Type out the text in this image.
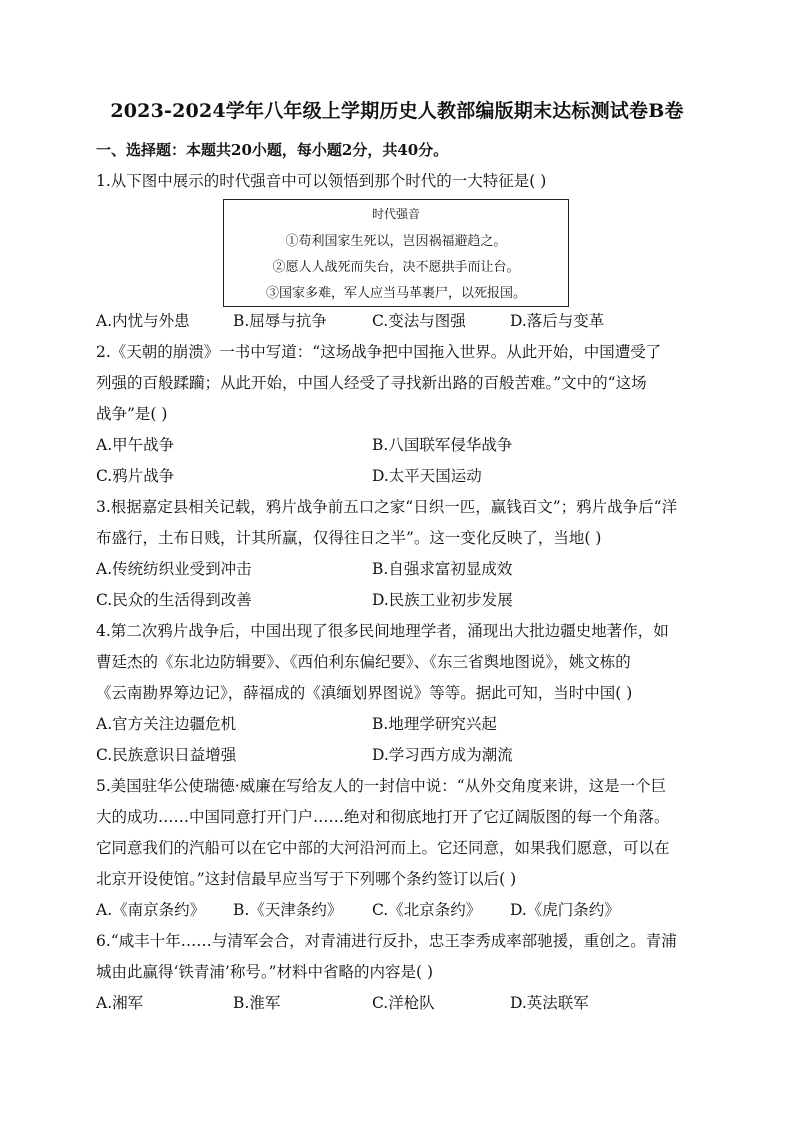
2023-2024学年八年级上学期历史人教部编版期末达标测试卷B卷
一、选择题：本题共20小题，每小题2分，共40分。
1.从下图中展示的时代强音中可以领悟到那个时代的一大特征是( )
时代强音
①苟利国家生死以，岂因祸福避趋之。
②愿人人战死而失台，决不愿拱手而让台。
③国家多难，军人应当马革裹尸，以死报国。
A.内忧与外患	B.屈辱与抗争	C.变法与图强	D.落后与变革
2.《天朝的崩溃》一书中写道：“这场战争把中国拖入世界。从此开始，中国遭受了
列强的百般蹂躏；从此开始，中国人经受了寻找新出路的百般苦难。”文中的“这场
战争”是( )
A.甲午战争	B.八国联军侵华战争
C.鸦片战争	D.太平天国运动
3.根据嘉定县相关记载，鸦片战争前五口之家“日织一匹，赢钱百文”；鸦片战争后“洋
布盛行，土布日贱，计其所赢，仅得往日之半”。这一变化反映了，当地( )
A.传统纺织业受到冲击	B.自强求富初显成效
C.民众的生活得到改善	D.民族工业初步发展
4.第二次鸦片战争后，中国出现了很多民间地理学者，涌现出大批边疆史地著作，如
曹廷杰的《东北边防辑要》、《西伯利东偏纪要》、《东三省舆地图说》，姚文栋的
《云南勘界筹边记》，薛福成的《滇缅划界图说》等等。据此可知，当时中国( )
A.官方关注边疆危机	B.地理学研究兴起
C.民族意识日益增强	D.学习西方成为潮流
5.美国驻华公使瑞德·威廉在写给友人的一封信中说：“从外交角度来讲，这是一个巨
大的成功……中国同意打开门户……绝对和彻底地打开了它辽阔版图的每一个角落。
它同意我们的汽船可以在它中部的大河沿河而上。它还同意，如果我们愿意，可以在
北京开设使馆。”这封信最早应当写于下列哪个条约签订以后( )
A.《南京条约》 B.《天津条约》 C.《北京条约》 D.《虎门条约》
6.“咸丰十年……与清军会合，对青浦进行反扑，忠王李秀成率部驰援，重创之。青浦
城由此赢得‘铁青浦’称号。”材料中省略的内容是( )
A.湘军	B.淮军	C.洋枪队	D.英法联军
